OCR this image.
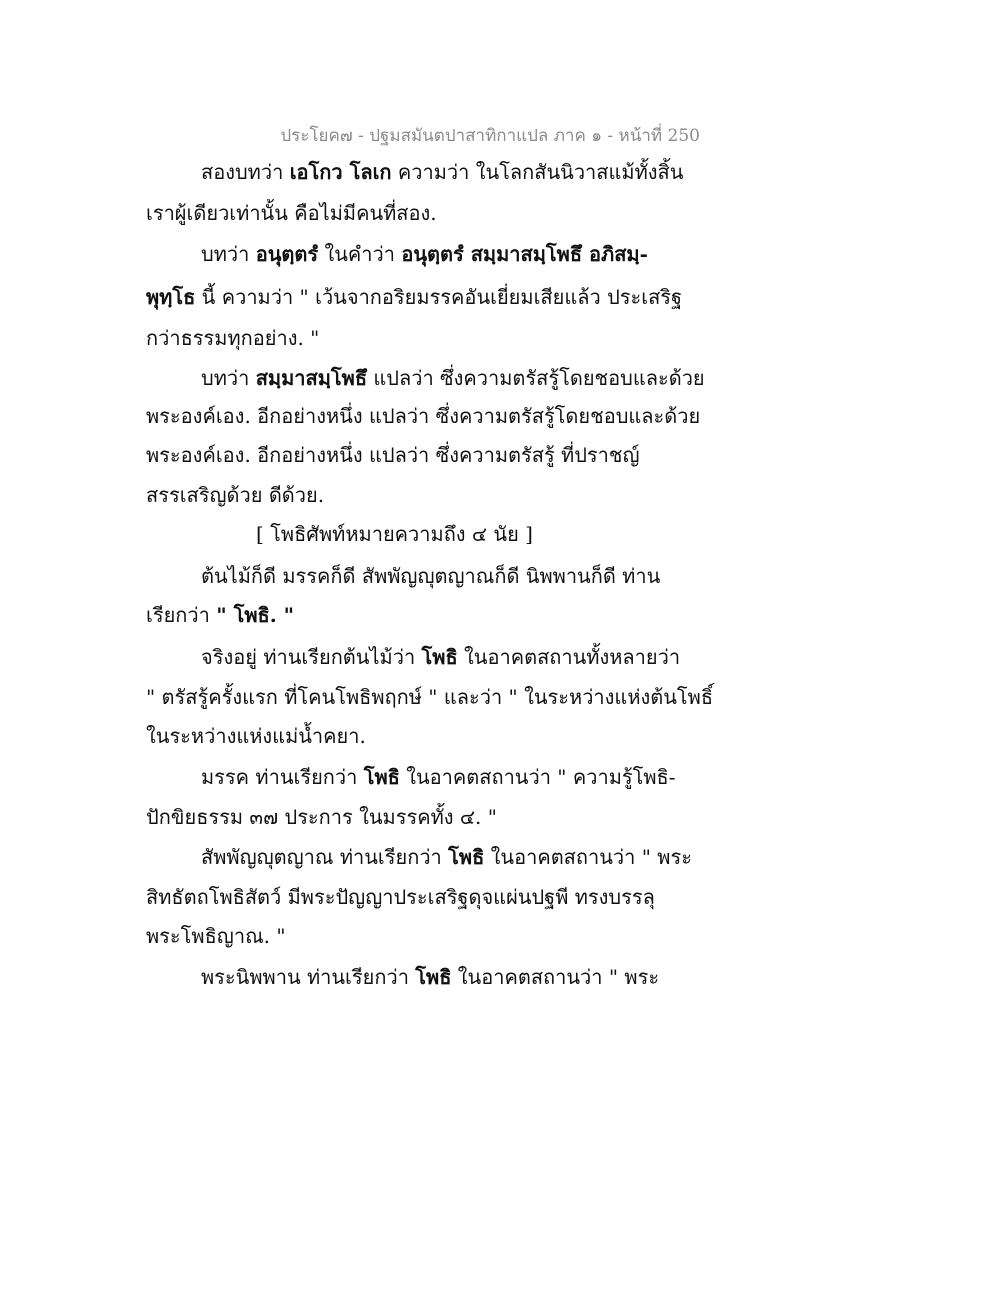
ประโยค๗ - ปฐมสมันตปาสาทิกาแปล ภาค ๑ - หน้าที่ 250
สองบทว่า เอโกว โลเก ความว่า ในโลกสันนิวาสแม้ทั้งสิ้น
เราผู้เดียวเท่านั้น คือไม่มีคนที่สอง.
บทว่า อนุตฺตรํ ในคำว่า อนุตฺตรํ สมฺมาสมฺโพธึ อภิสมฺ-
พุทฺโธ นี้ ความว่า " เว้นจากอริยมรรคอันเยี่ยมเสียแล้ว ประเสริฐ
กว่าธรรมทุกอย่าง. "
บทว่า สมฺมาสมฺโพธึ แปลว่า ซึ่งความตรัสรู้โดยชอบและด้วย
พระองค์เอง. อีกอย่างหนึ่ง แปลว่า ซึ่งความตรัสรู้โดยชอบและด้วย
พระองค์เอง. อีกอย่างหนึ่ง แปลว่า ซึ่งความตรัสรู้ ที่ปราชญ์
สรรเสริญด้วย ดีด้วย.
[ โพธิศัพท์หมายความถึง ๔ นัย ]
ต้นไม้ก็ดี มรรคก็ดี สัพพัญญุตญาณก็ดี นิพพานก็ดี ท่าน
เรียกว่า " โพธิ. "
จริงอยู่ ท่านเรียกต้นไม้ว่า โพธิ ในอาคตสถานทั้งหลายว่า
" ตรัสรู้ครั้งแรก ที่โคนโพธิพฤกษ์ " และว่า " ในระหว่างแห่งต้นโพธิ์
ในระหว่างแห่งแม่น้ำคยา.
มรรค ท่านเรียกว่า โพธิ ในอาคตสถานว่า " ความรู้โพธิ-
ปักขิยธรรม ๓๗ ประการ ในมรรคทั้ง ๔. "
สัพพัญญุตญาณ ท่านเรียกว่า โพธิ ในอาคตสถานว่า " พระ
สิทธัตถโพธิสัตว์ มีพระปัญญาประเสริฐดุจแผ่นปฐพี ทรงบรรลุ
พระโพธิญาณ. "
พระนิพพาน ท่านเรียกว่า โพธิ ในอาคตสถานว่า " พระ
